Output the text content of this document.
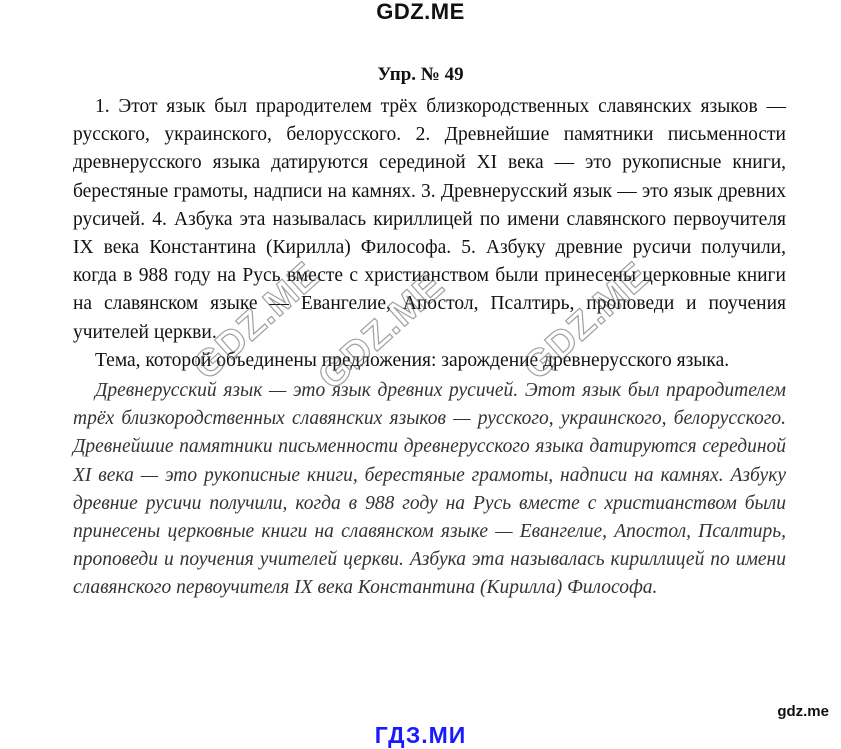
GDZ.ME
Упр. № 49

1. Этот язык был прародителем трёх близкородственных славянских языков — русского, украинского, белорусского. 2. Древнейшие памятники письменности древнерусского языка датируются серединой XI века — это рукописные книги, берестяные грамоты, надписи на камнях. 3. Древнерусский язык — это язык древних русичей. 4. Азбука эта называлась кириллицей по имени славянского первоучителя IX века Константина (Кирилла) Философа. 5. Азбуку древние русичи получили, когда в 988 году на Русь вместе с христианством были принесены церковные книги на славянском языке — Евангелие, Апостол, Псалтирь, проповеди и поучения учителей церкви.

Тема, которой объединены предложения: зарождение древнерусского языка.

Древнерусский язык — это язык древних русичей. Этот язык был прародителем трёх близкородственных славянских языков — русского, украинского, белорусского. Древнейшие памятники письменности древнерусского языка датируются серединой XI века — это рукописные книги, берестяные грамоты, надписи на камнях. Азбуку древние русичи получили, когда в 988 году на Русь вместе с христианством были принесены церковные книги на славянском языке — Евангелие, Апостол, Псалтирь, проповеди и поучения учителей церкви. Азбука эта называлась кириллицей по имени славянского первоучителя IX века Константина (Кирилла) Философа.

GDZ.ME
GDZ.ME GDZ.ME
gdz.me
ГДЗ.МИ
